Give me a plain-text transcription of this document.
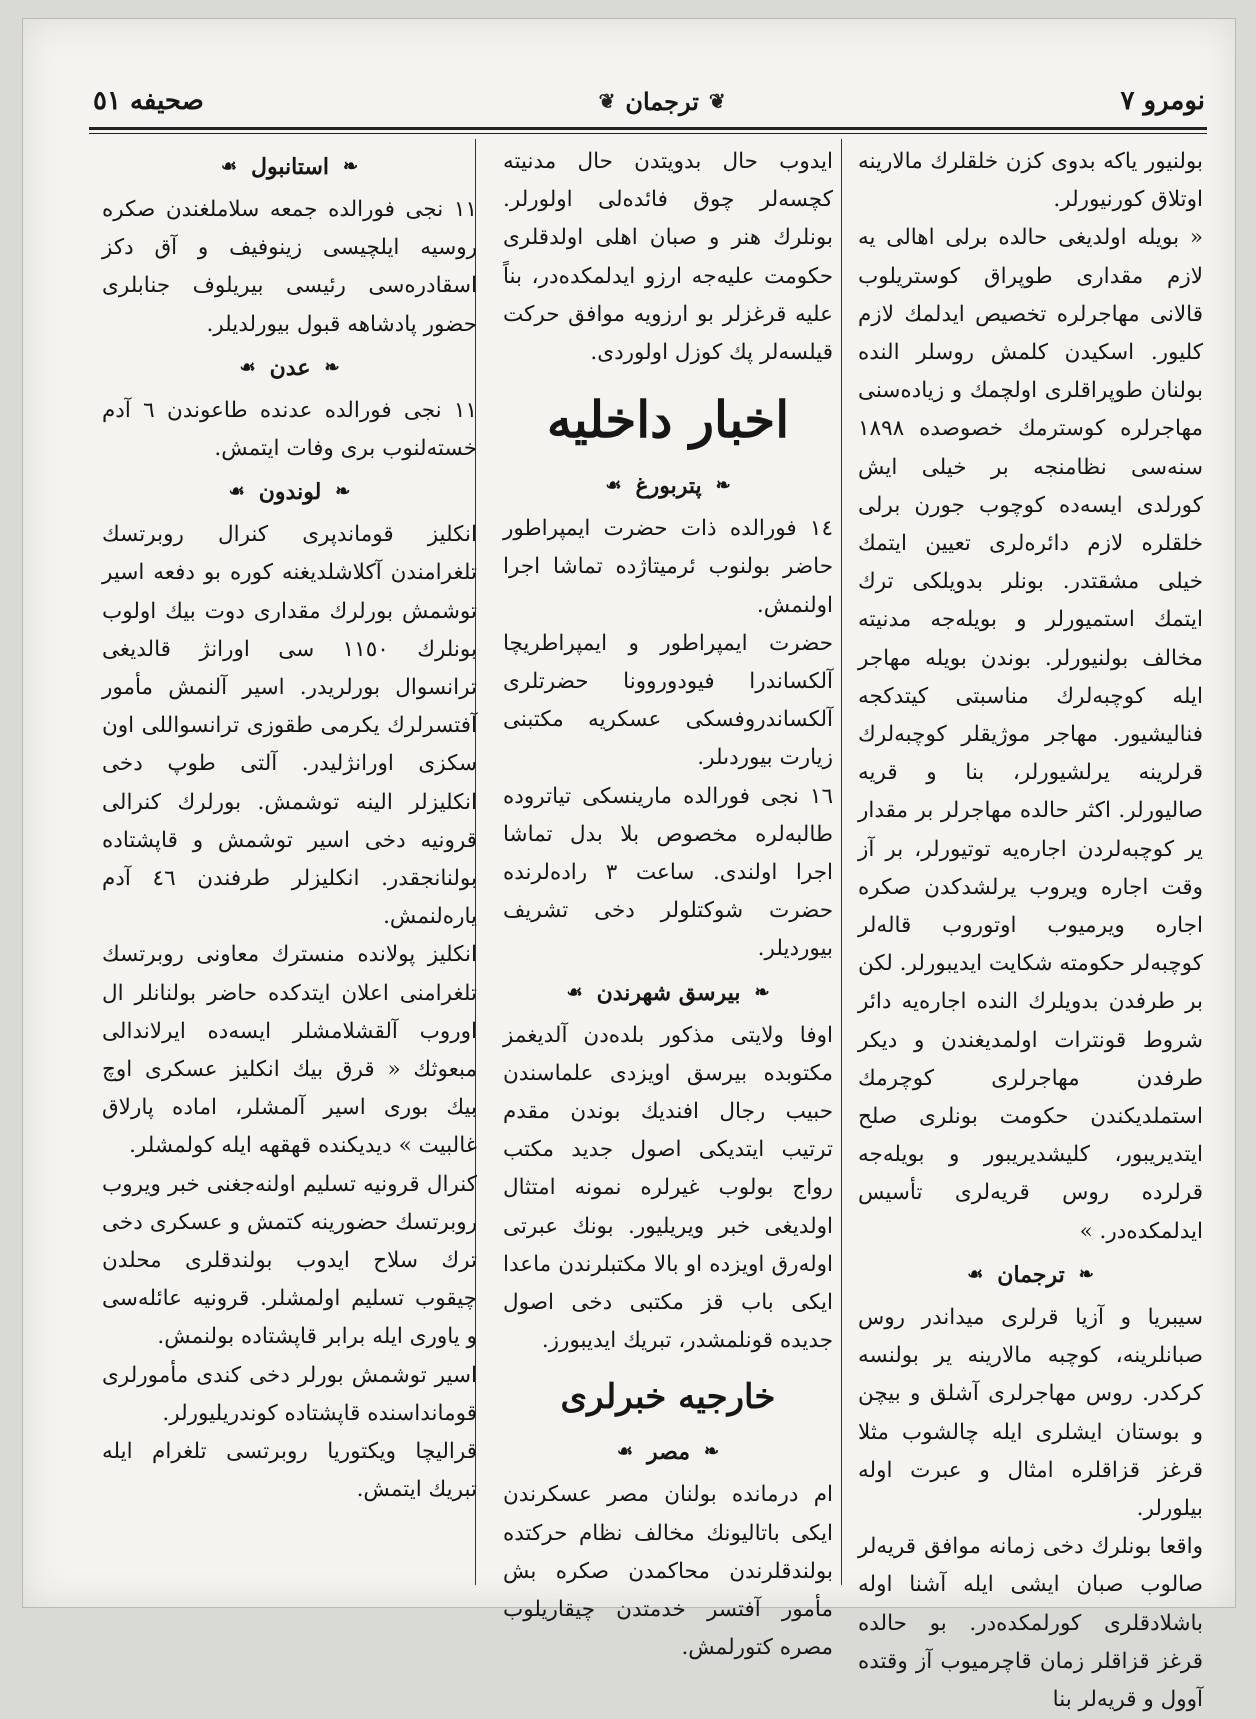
نومرو ٧
❦
ترجمان
❦
صحيفه ٥١

بولنيور ياكه بدوى كزن خلقلرك مالارينه اوتلاق كورنيورلر.

« بويله اولديغى حالده برلى اهالى يه لازم مقدارى طوپراق كوستريلوب قالانى مهاجرلره تخصيص ايدلمك لازم كليور. اسكيدن كلمش روسلر النده بولنان طوپراقلرى اولچمك و زياده‌سنى مهاجرلره كوسترمك خصوصده ١٨٩٨ سنه‌سى نظامنجه بر خيلى ايش كورلدى ايسه‌ده كوچوب جورن برلى خلقلره لازم دائره‌لرى تعيين ايتمك خيلى مشقتدر. بونلر بدويلكى ترك ايتمك استميورلر و بويله‌جه مدنيته مخالف بولنيورلر. بوندن بويله مهاجر ايله كوچبه‌لرك مناسبتى كيتدكجه فناليشيور. مهاجر موژيقلر كوچبه‌لرك قرلرينه يرلشيورلر، بنا و قريه صاليورلر. اكثر حالده مهاجرلر بر مقدار ير كوچبه‌لردن اجاره‌يه توتيورلر، بر آز وقت اجاره ويروب يرلشدكدن صكره اجاره ويرميوب اوتوروب قالەلر كوچبه‌لر حكومته شكايت ايديبورلر. لكن بر طرفدن بدويلرك النده اجاره‌يه دائر شروط قونترات اولمديغندن و ديكر طرفدن مهاجرلرى كوچرمك استملديكندن حكومت بونلرى صلح ايتديريبور، كليشديريبور و بويله‌جه قرلرده روس قريه‌لرى تأسيس ايدلمكده‌در. »

❧
ترجمان
☙

سيبريا و آزيا قرلرى ميداندر روس صبانلرينه، كوچبه مالارينه ير بولنسه كركدر. روس مهاجرلرى آشلق و بيچن و بوستان ايشلرى ايله چالشوب مثلا قرغز قزاقلره امثال و عبرت اوله بيلورلر.

واقعا بونلرك دخى زمانه موافق قريه‌لر صالوب صبان ايشى ايله آشنا اوله باشلادقلرى كورلمكده‌در. بو حالده قرغز قزاقلر زمان قاچرميوب آز وقتده آوول و قريه‌لر بنا

ايدوب حال بدويتدن حال مدنيته كچسه‌لر چوق فائده‌لى اولورلر. بونلرك هنر و صبان اهلى اولدقلرى حكومت عليه‌جه ارزو ايدلمكده‌در، بناً عليه قرغزلر بو ارزويه موافق حركت قيلسه‌لر پك كوزل اولوردى.

اخبار داخليه
❧
پتربورغ
☙

١٤ فورالده ذات حضرت ايمپراطور حاضر بولنوب ئرميتاژده تماشا اجرا اولنمش.

حضرت ايمپراطور و ايمپراطريچا آلكساندرا فيودوروونا حضرتلرى آلكساندروفسكى عسكريه مكتبنى زيارت بيوردىلر.

١٦ نجى فورالده مارينسكى تياتروده طالبه‌لره مخصوص بلا بدل تماشا اجرا اولندى. ساعت ٣ راده‌لرنده حضرت شوكتلولر دخى تشريف بيورديلر.

❧
بيرسق شهرندن
☙

اوفا ولايتى مذكور بلده‌دن آلديغمز مكتوبده بيرسق اويزدى علماسندن حبيب رجال افنديك بوندن مقدم ترتيب ايتديكى اصول جديد مكتب رواج بولوب غيرلره نمونه امتثال اولديغى خبر ويريليور. بونك عبرتى اوله‌رق اويزده او بالا مكتبلرندن ماعدا ايكى باب قز مكتبى دخى اصول جديده قونلمشدر، تبريك ايديبورز.

خارجيه خبرلرى
❧
مصر
☙

ام درمانده بولنان مصر عسكرندن ايكى باتاليونك مخالف نظام حركتده بولندقلرندن محاكمدن صكره بش مأمور آفتسر خدمتدن چيقاريلوب مصره كتورلمش.

❧
استانبول
☙

١١ نجى فورالده جمعه سلاملغندن صكره روسيه ايلچيسى زينوفيف و آق دكز اسقادره‌سى رئيسى بيريلوف جنابلرى حضور پادشاهه قبول بيورلديلر.

❧
عدن
☙

١١ نجى فورالده عدنده طاعوندن ٦ آدم خسته‌لنوب برى وفات ايتمش.

❧
لوندون
☙

انكليز قوماندپرى كنرال روبرتسك تلغرامندن آكلاشلديغنه كوره بو دفعه اسير توشمش بورلرك مقدارى دوت بيك اولوب بونلرك ١١٥٠ سى اورانژ قالديغى ترانسوال بورلريدر. اسير آلنمش مأمور آفتسرلرك يكرمى طقوزى ترانسواللى اون سكزى اورانژليدر. آلتى طوپ دخى انكليزلر الينه توشمش. بورلرك كنرالى قرونيه دخى اسير توشمش و قاپشتاده بولنا‌نجقدر. انكليزلر طرفندن ٤٦ آدم ياره‌لنمش.

انكليز پولانده منسترك معاونى روبرتسك تلغرامنى اعلان ايتدكده حاضر بولنانلر ال اوروب آلقشلامشلر ايسه‌ده ايرلاندالى مبعوثك « قرق بيك انكليز عسكرى اوچ بيك بورى اسير آلمشلر، اماده پارلاق غالبيت » ديديكنده قهقهه ايله كولمشلر.

كنرال قرونيه تسليم اولنه‌جغنى خبر ويروب روبرتسك حضورينه كتمش و عسكرى دخى ترك سلاح ايدوب بولندقلرى محلدن چيقوب تسليم اولمشلر. قرونيه عائله‌سى و ياورى ايله برابر قاپشتاده بولنمش.

اسير توشمش بورلر دخى كندى مأمورلرى قوماندا‌سنده قاپشتاده كوندريليورلر.

قراليچا ويكتوريا روبرتسى تلغرام ايله تبريك ايتمش.
